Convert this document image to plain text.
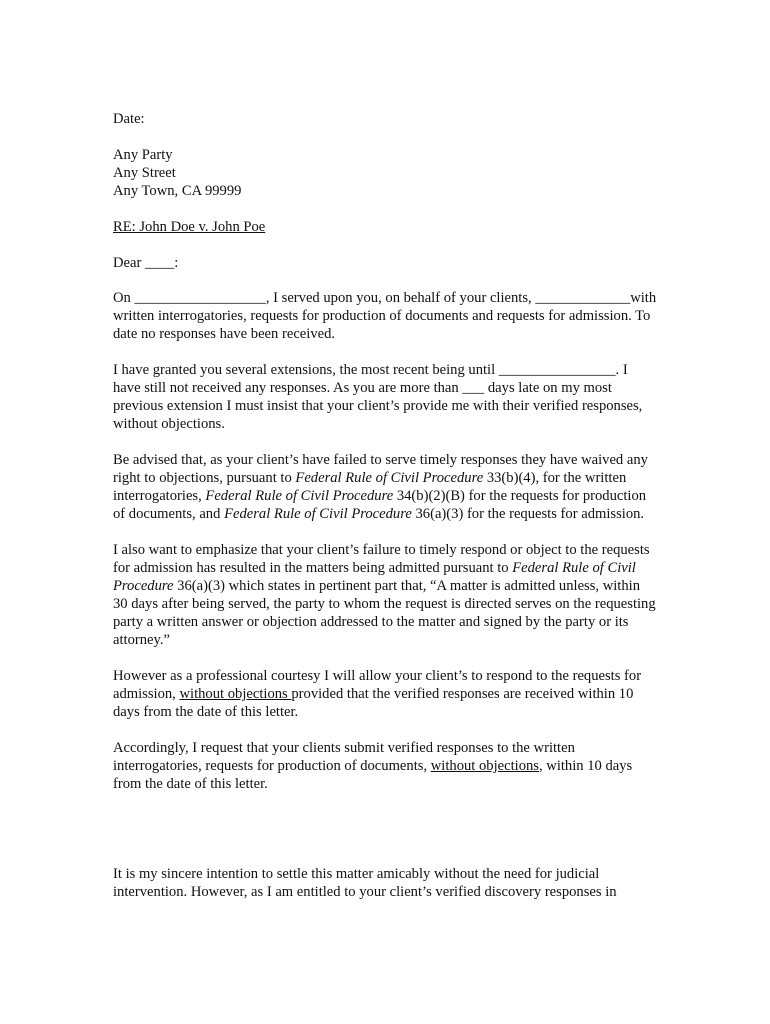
Date:

Any Party
Any Street
Any Town, CA 99999

RE: John Doe v. John Poe

Dear ____:

On __________________, I served upon you, on behalf of your clients, _____________with written interrogatories, requests for production of documents and requests for admission. To date no responses have been received.

I have granted you several extensions, the most recent being until ________________. I have still not received any responses. As you are more than ___ days late on my most previous extension I must insist that your client’s provide me with their verified responses, without objections.

Be advised that, as your client’s have failed to serve timely responses they have waived any right to objections, pursuant to Federal Rule of Civil Procedure 33(b)(4), for the written interrogatories, Federal Rule of Civil Procedure 34(b)(2)(B) for the requests for production of documents, and Federal Rule of Civil Procedure 36(a)(3) for the requests for admission.

I also want to emphasize that your client’s failure to timely respond or object to the requests for admission has resulted in the matters being admitted pursuant to Federal Rule of Civil Procedure 36(a)(3) which states in pertinent part that, “A matter is admitted unless, within 30 days after being served, the party to whom the request is directed serves on the requesting party a written answer or objection addressed to the matter and signed by the party or its attorney.”

However as a professional courtesy I will allow your client’s to respond to the requests for admission, without objections provided that the verified responses are received within 10 days from the date of this letter.

Accordingly, I request that your clients submit verified responses to the written interrogatories, requests for production of documents, without objections, within 10 days from the date of this letter.

It is my sincere intention to settle this matter amicably without the need for judicial intervention. However, as I am entitled to your client’s verified discovery responses in
